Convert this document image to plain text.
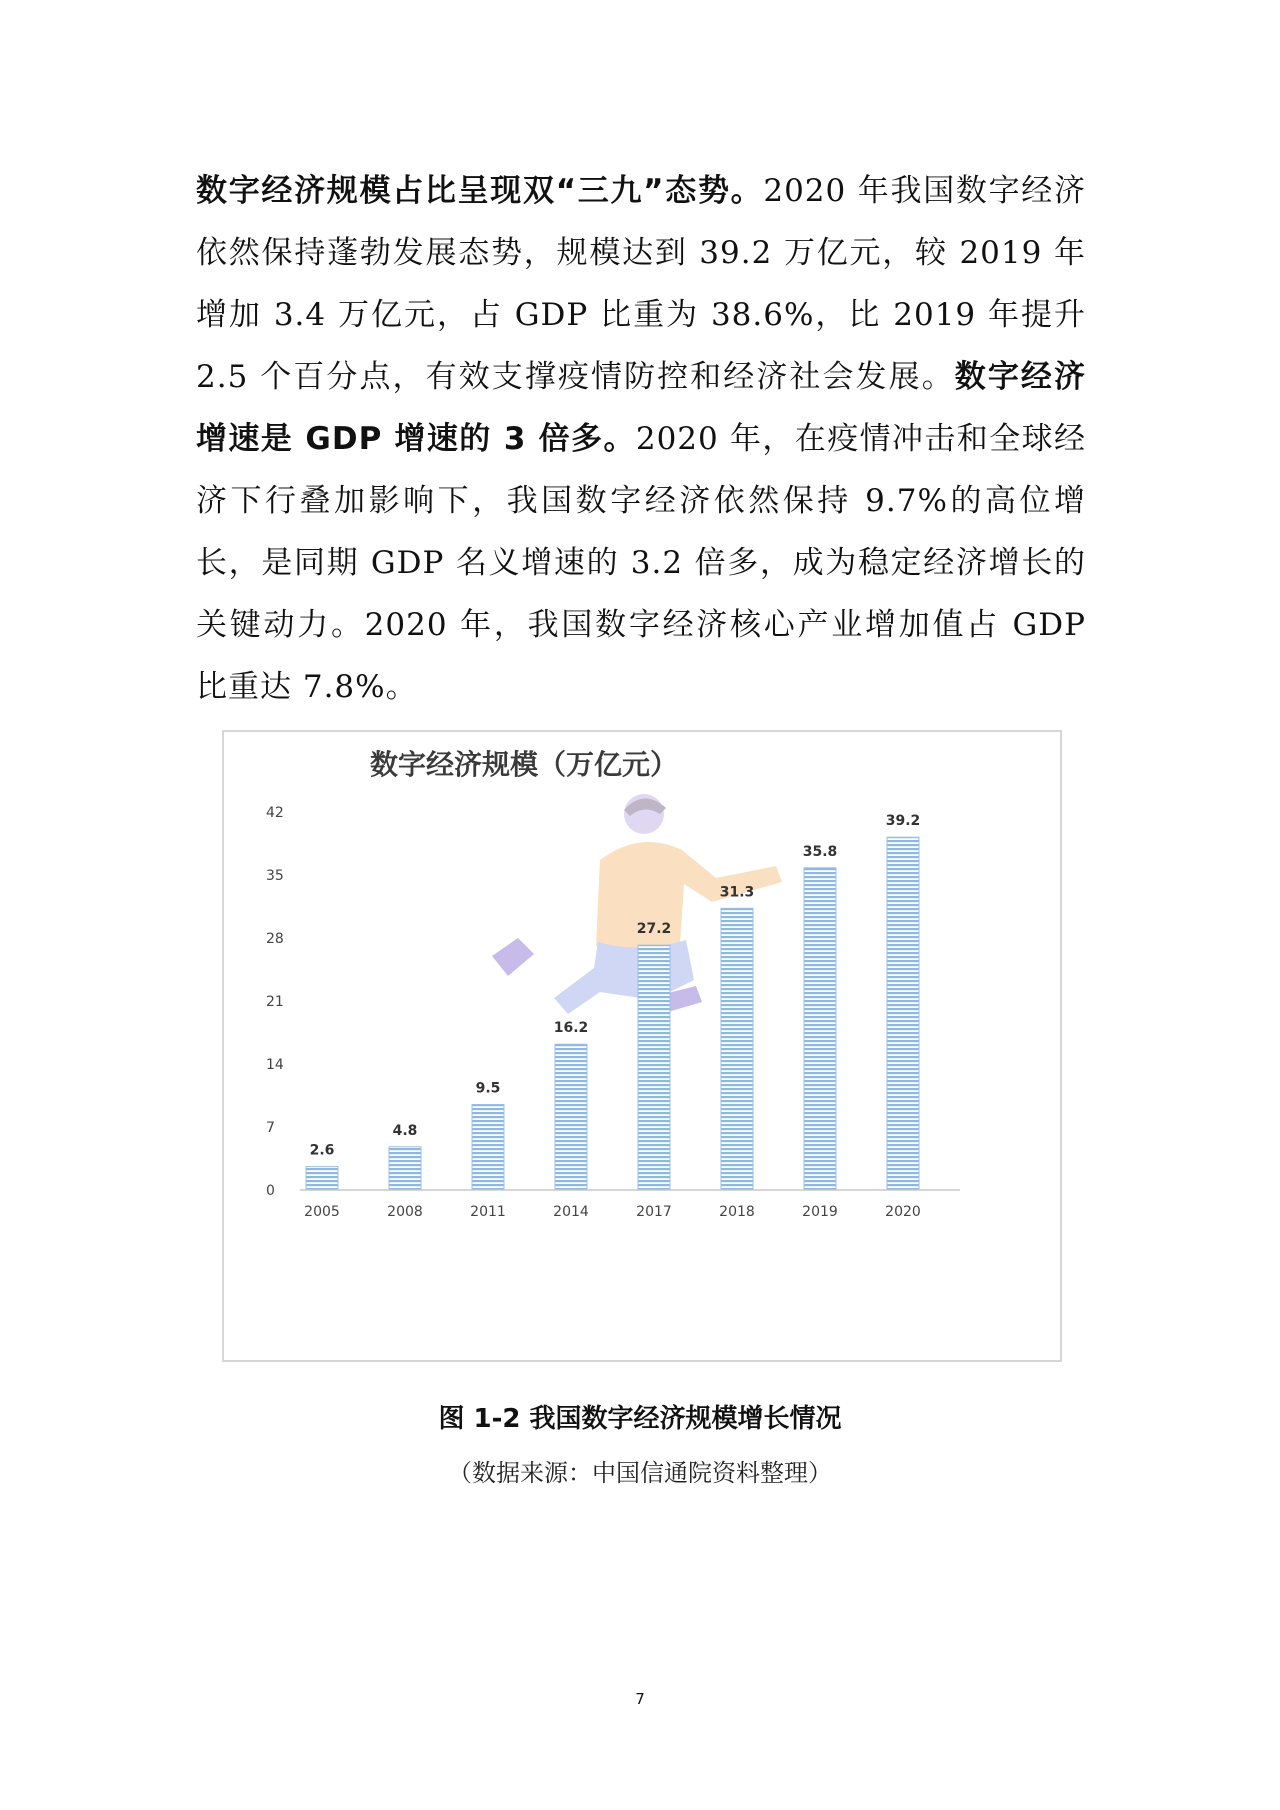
数字经济规模占比呈现双“三九”态势。2020 年我国数字经济依然保持蓬勃发展态势，规模达到 39.2 万亿元，较 2019 年增加 3.4 万亿元，占 GDP 比重为 38.6%，比 2019 年提升 2.5 个百分点，有效支撑疫情防控和经济社会发展。数字经济增速是 GDP 增速的 3 倍多。2020 年，在疫情冲击和全球经济下行叠加影响下，我国数字经济依然保持 9.7%的高位增长，是同期 GDP 名义增速的 3.2 倍多，成为稳定经济增长的关键动力。2020 年，我国数字经济核心产业增加值占 GDP 比重达 7.8%。
数字经济规模（万亿元）
0
7
14
21
28
35
42
2.6
4.8
9.5
16.2
27.2
31.3
35.8
39.2
2005	2008	2011	2014	2017	2018	2019	2020
图 1-2 我国数字经济规模增长情况
（数据来源：中国信通院资料整理）
7
